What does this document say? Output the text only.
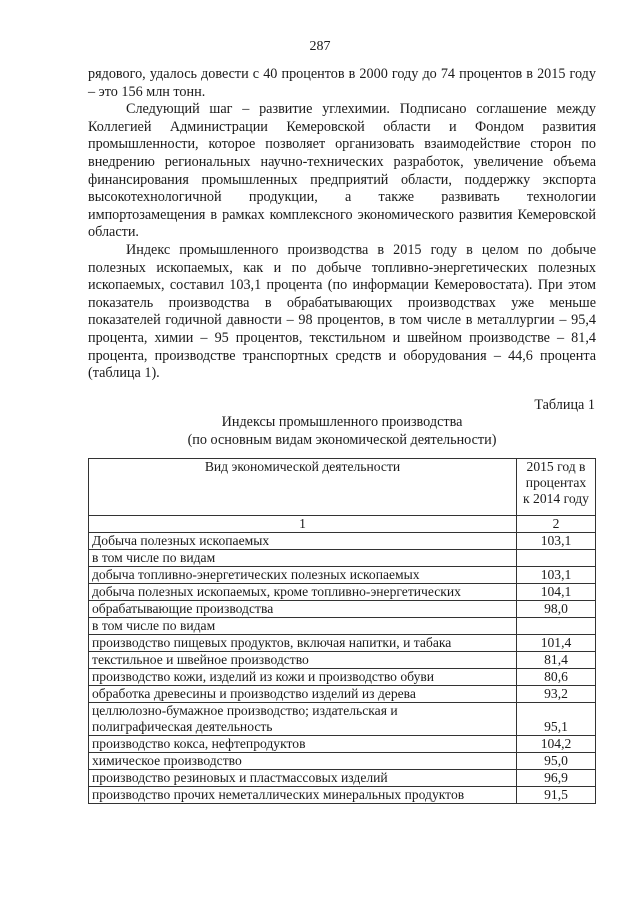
287

рядового, удалось довести с 40 процентов в 2000 году до 74 процентов в 2015 году – это 156 млн тонн.

Следующий шаг – развитие углехимии. Подписано соглашение между Коллегией Администрации Кемеровской области и Фондом развития промышленности, которое позволяет организовать взаимодействие сторон по внедрению региональных научно-технических разработок, увеличение объема финансирования промышленных предприятий области, поддержку экспорта высокотехнологичной продукции, а также развивать технологии импортозамещения в рамках комплексного экономического развития Кемеровской области.

Индекс промышленного производства в 2015 году в целом по добыче полезных ископаемых, как и по добыче топливно-энергетических полезных ископаемых, составил 103,1 процента (по информации Кемеровостата). При этом показатель производства в обрабатывающих производствах уже меньше показателей годичной давности – 98 процентов, в том числе в металлургии – 95,4 процента, химии – 95 процентов, текстильном и швейном производстве – 81,4 процента, производстве транспортных средств и оборудования – 44,6 процента (таблица 1).

Таблица 1
Индексы промышленного производства
(по основным видам экономической деятельности)
Вид экономической деятельности	2015 год в
процентах
к 2014 году

1	2
Добыча полезных ископаемых	103,1
в том числе по видам	
добыча топливно-энергетических полезных ископаемых	103,1
добыча полезных ископаемых, кроме топливно-энергетических	104,1
обрабатывающие производства	98,0
в том числе по видам	
производство пищевых продуктов, включая напитки, и табака	101,4
текстильное и швейное производство	81,4
производство кожи, изделий из кожи и производство обуви	80,6
обработка древесины и производство изделий из дерева	93,2

целлюлозно-бумажное производство; издательская и
полиграфическая деятельность	95,1
производство кокса, нефтепродуктов	104,2
химическое производство	95,0
производство резиновых и пластмассовых изделий	96,9
производство прочих неметаллических минеральных продуктов	91,5
